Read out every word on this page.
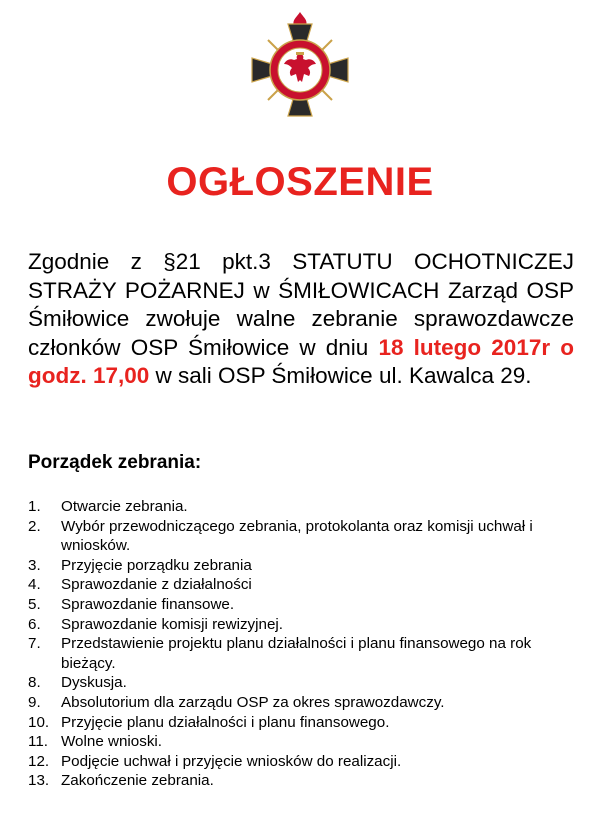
OGŁOSZENIE
Zgodnie z §21 pkt.3 STATUTU OCHOTNICZEJ STRAŻY POŻARNEJ w ŚMIŁOWICACH Zarząd OSP Śmiłowice zwołuje walne zebranie sprawozdawcze członków OSP Śmiłowice w dniu 18 lutego 2017r o godz. 17,00 w sali OSP Śmiłowice ul. Kawalca 29.
Porządek zebrania:
1.	Otwarcie zebrania.
2.	Wybór przewodniczącego zebrania, protokolanta oraz komisji uchwał i wniosków.
3.	Przyjęcie porządku zebrania
4.	Sprawozdanie z działalności
5.	Sprawozdanie finansowe.
6.	Sprawozdanie komisji rewizyjnej.
7.	Przedstawienie projektu planu działalności i planu finansowego na rok bieżący.
8.	Dyskusja.
9.	Absolutorium dla zarządu OSP za okres sprawozdawczy.
10. Przyjęcie planu działalności i planu finansowego.
11. Wolne wnioski.
12. Podjęcie uchwał i przyjęcie wniosków do realizacji.
13. Zakończenie zebrania.
